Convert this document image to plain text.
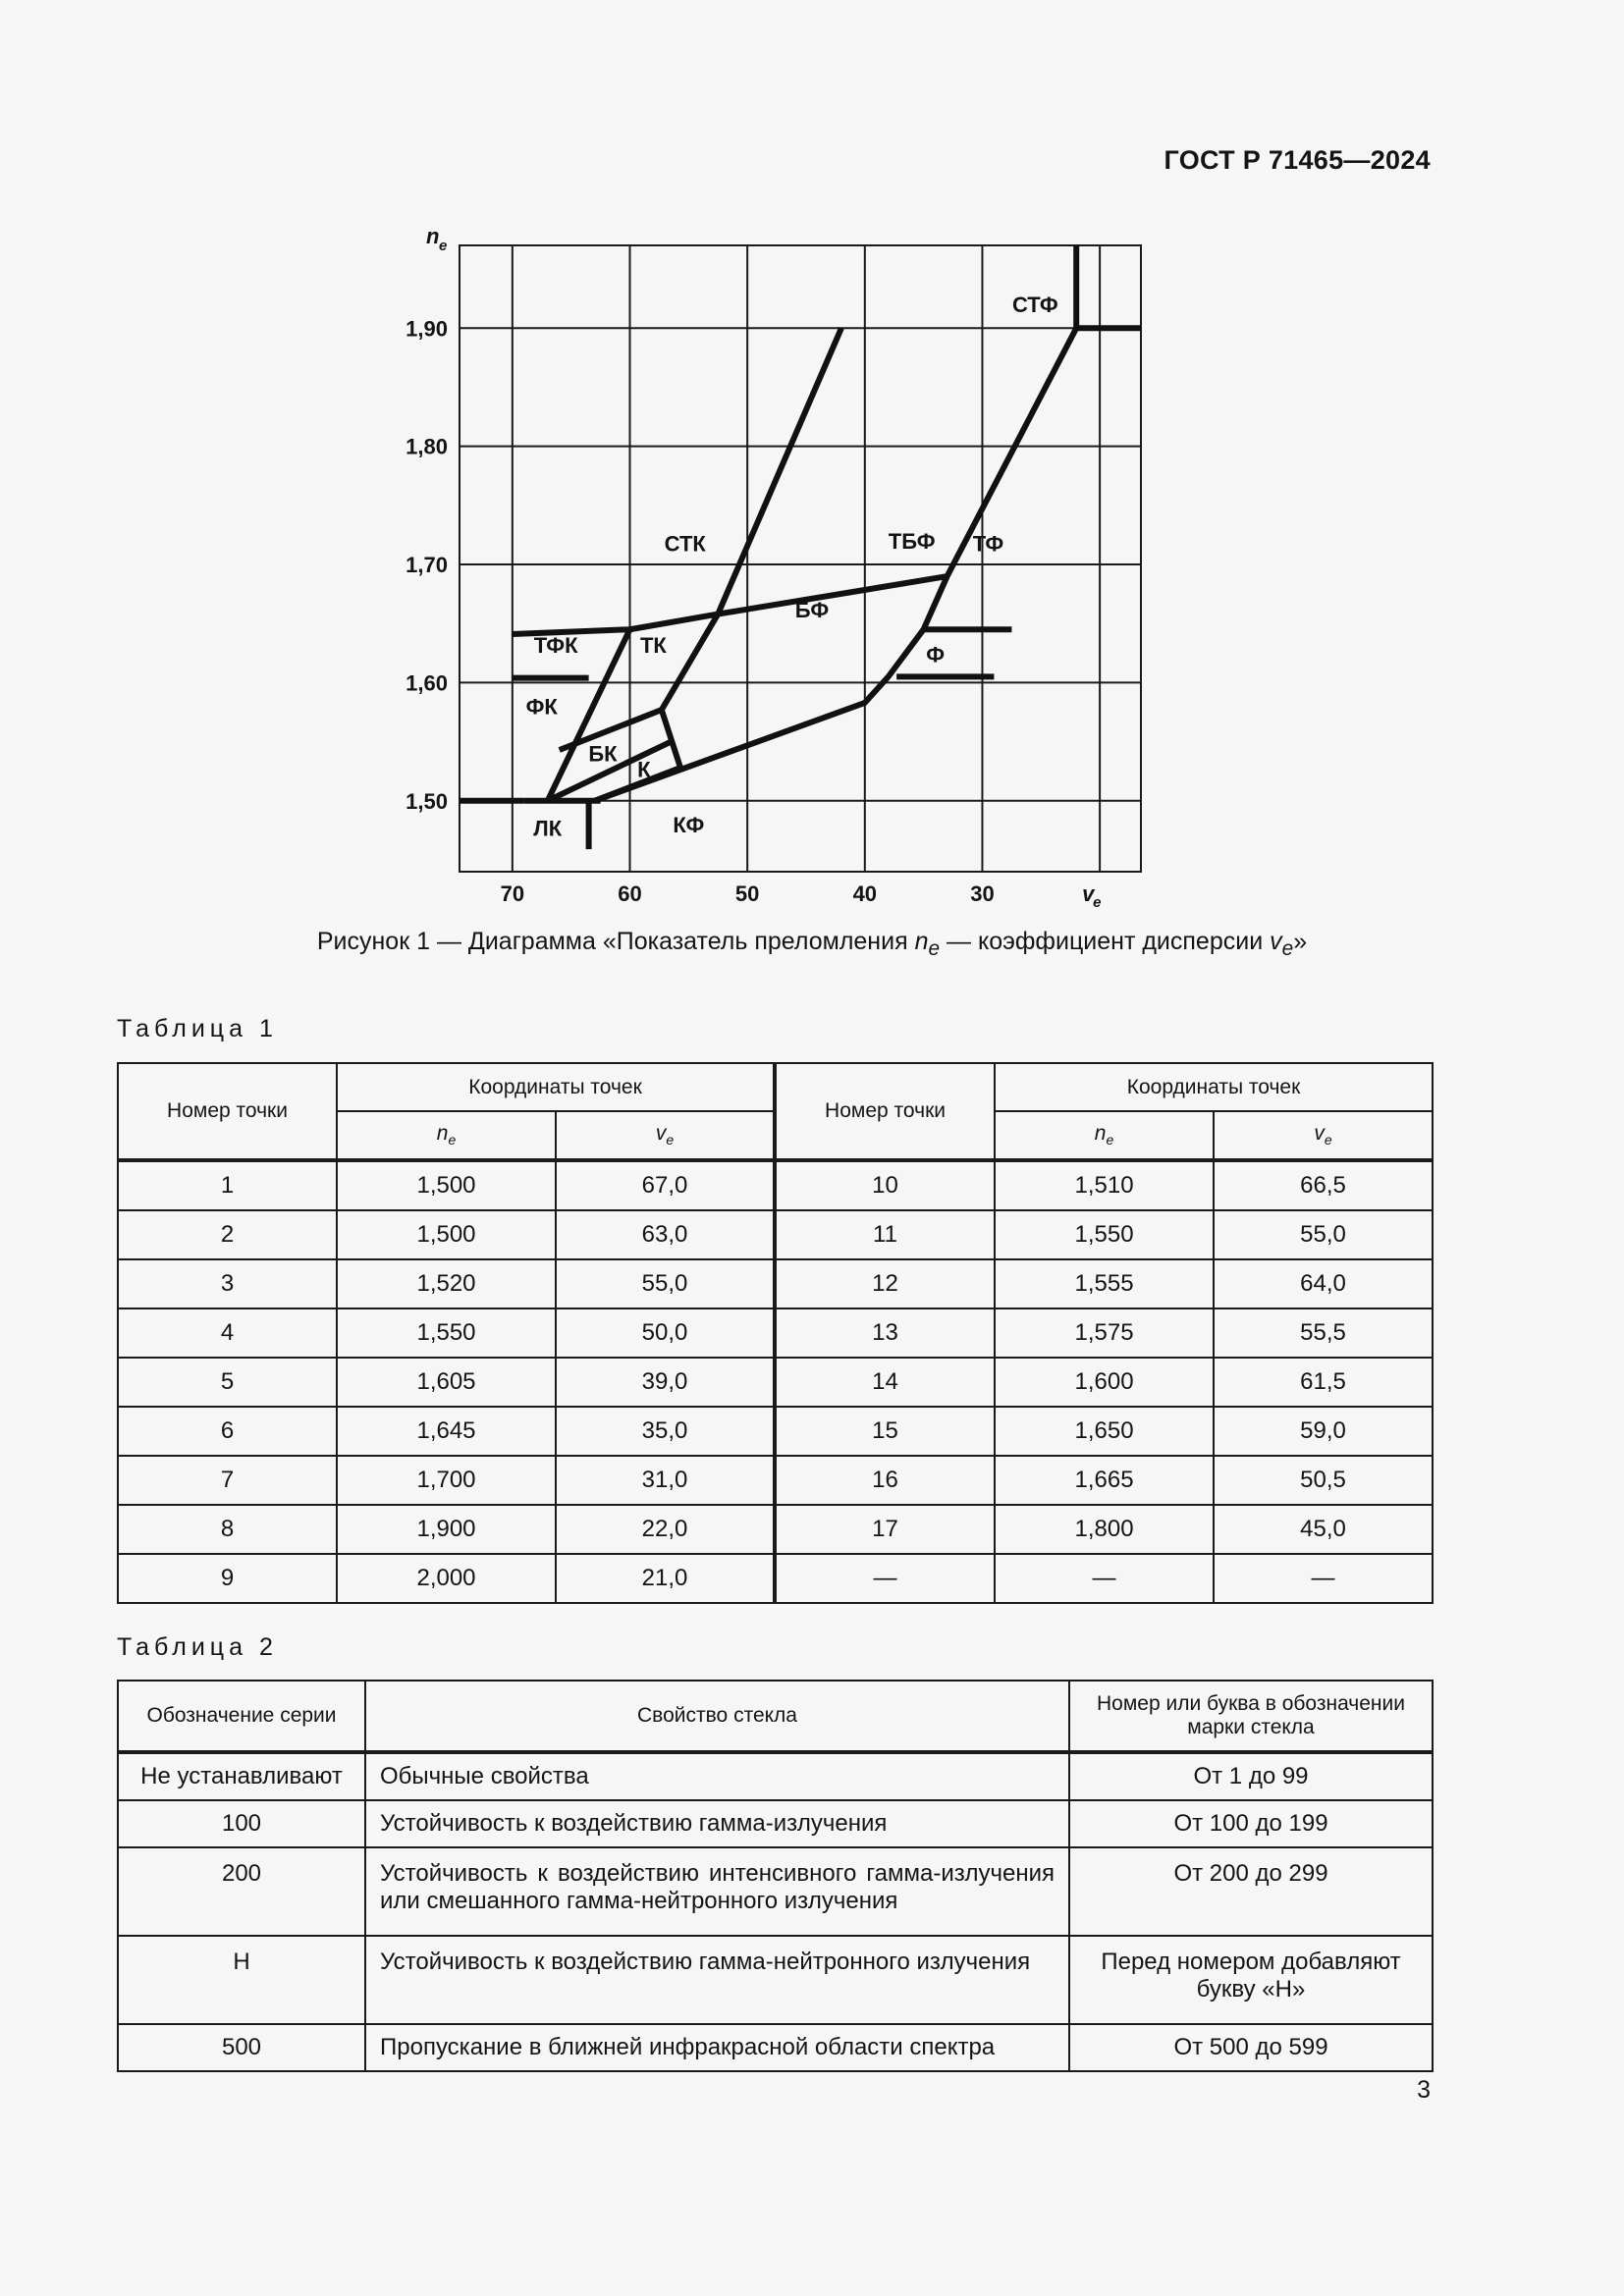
ГОСТ Р 71465—2024
1,90
1,80
1,70
1,60
1,50
70	60	50	40	30
n e
v
e
СТФ
СТК	ТБФ ТФ
БФ
ТФК	ТК	Ф
ФК
БК
К
ЛК	КФ
Рисунок 1 — Диаграмма «Показатель преломления $n_e$ — коэффициент дисперсии $v_e$»
Таблица 1
Номер точки	Координаты точек		Номер точки	Координаты точек	
	$n_e$	$v_e$		$n_e$	$v_e$
1	1,500	67,0	10	1,510	66,5
2	1,500	63,0	11	1,550	55,0
3	1,520	55,0	12	1,555	64,0
4	1,550	50,0	13	1,575	55,5
5	1,605	39,0	14	1,600	61,5
6	1,645	35,0	15	1,650	59,0
7	1,700	31,0	16	1,665	50,5
8	1,900	22,0	17	1,800	45,0
9	2,000	21,0	—	—	—
Таблица 2
Обозначение серии	Свойство стекла	Номер или буква в обозначении марки стекла
Не устанавливают	Обычные свойства	От 1 до 99
100	Устойчивость к воздействию гамма-излучения	От 100 до 199
200	Устойчивость к воздействию интенсивного гамма-излучения или смешанного гамма-нейтронного излучения	От 200 до 299
Н	Устойчивость к воздействию гамма-нейтронного излучения	Перед номером добавляют букву «Н»
500	Пропускание в ближней инфракрасной области спектра	От 500 до 599
3
